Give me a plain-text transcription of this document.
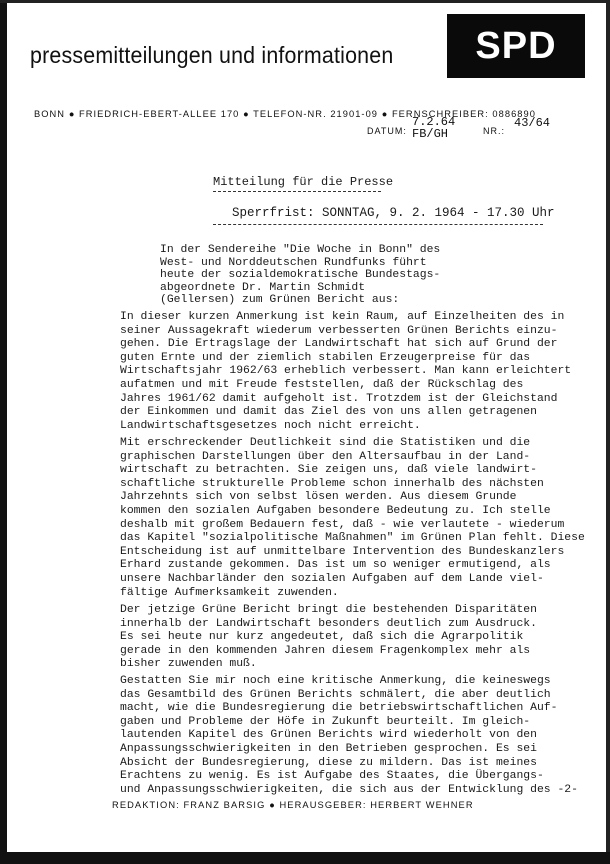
pressemitteilungen und informationen	SPD
BONN ● FRIEDRICH-EBERT-ALLEE 170 ● TELEFON-NR. 21901-09 ● FERNSCHREIBER: 0886890
DATUM:
7.2.64
FB/GH	NR.:
43/64
Mitteilung für die Presse
Sperrfrist: SONNTAG, 9. 2. 1964 - 17.30 Uhr
In der Sendereihe "Die Woche in Bonn" des
West- und Norddeutschen Rundfunks führt
heute der sozialdemokratische Bundestags-
abgeordnete Dr. Martin Schmidt
(Gellersen) zum Grünen Bericht aus:
In dieser kurzen Anmerkung ist kein Raum, auf Einzelheiten des in
seiner Aussagekraft wiederum verbesserten Grünen Berichts einzu-
gehen. Die Ertragslage der Landwirtschaft hat sich auf Grund der
guten Ernte und der ziemlich stabilen Erzeugerpreise für das
Wirtschaftsjahr 1962/63 erheblich verbessert. Man kann erleichtert
aufatmen und mit Freude feststellen, daß der Rückschlag des
Jahres 1961/62 damit aufgeholt ist. Trotzdem ist der Gleichstand
der Einkommen und damit das Ziel des von uns allen getragenen
Landwirtschaftsgesetzes noch nicht erreicht.
Mit erschreckender Deutlichkeit sind die Statistiken und die
graphischen Darstellungen über den Altersaufbau in der Land-
wirtschaft zu betrachten. Sie zeigen uns, daß viele landwirt-
schaftliche strukturelle Probleme schon innerhalb des nächsten
Jahrzehnts sich von selbst lösen werden. Aus diesem Grunde
kommen den sozialen Aufgaben besondere Bedeutung zu. Ich stelle
deshalb mit großem Bedauern fest, daß - wie verlautete - wiederum
das Kapitel "sozialpolitische Maßnahmen" im Grünen Plan fehlt. Diese
Entscheidung ist auf unmittelbare Intervention des Bundeskanzlers
Erhard zustande gekommen. Das ist um so weniger ermutigend, als
unsere Nachbarländer den sozialen Aufgaben auf dem Lande viel-
fältige Aufmerksamkeit zuwenden.
Der jetzige Grüne Bericht bringt die bestehenden Disparitäten
innerhalb der Landwirtschaft besonders deutlich zum Ausdruck.
Es sei heute nur kurz angedeutet, daß sich die Agrarpolitik
gerade in den kommenden Jahren diesem Fragenkomplex mehr als
bisher zuwenden muß.
Gestatten Sie mir noch eine kritische Anmerkung, die keineswegs
das Gesamtbild des Grünen Berichts schmälert, die aber deutlich
macht, wie die Bundesregierung die betriebswirtschaftlichen Auf-
gaben und Probleme der Höfe in Zukunft beurteilt. Im gleich-
lautenden Kapitel des Grünen Berichts wird wiederholt von den
Anpassungsschwierigkeiten in den Betrieben gesprochen. Es sei
Absicht der Bundesregierung, diese zu mildern. Das ist meines
Erachtens zu wenig. Es ist Aufgabe des Staates, die Übergangs-
und Anpassungsschwierigkeiten, die sich aus der Entwicklung des -2-
REDAKTION: FRANZ BARSIG ● HERAUSGEBER: HERBERT WEHNER
